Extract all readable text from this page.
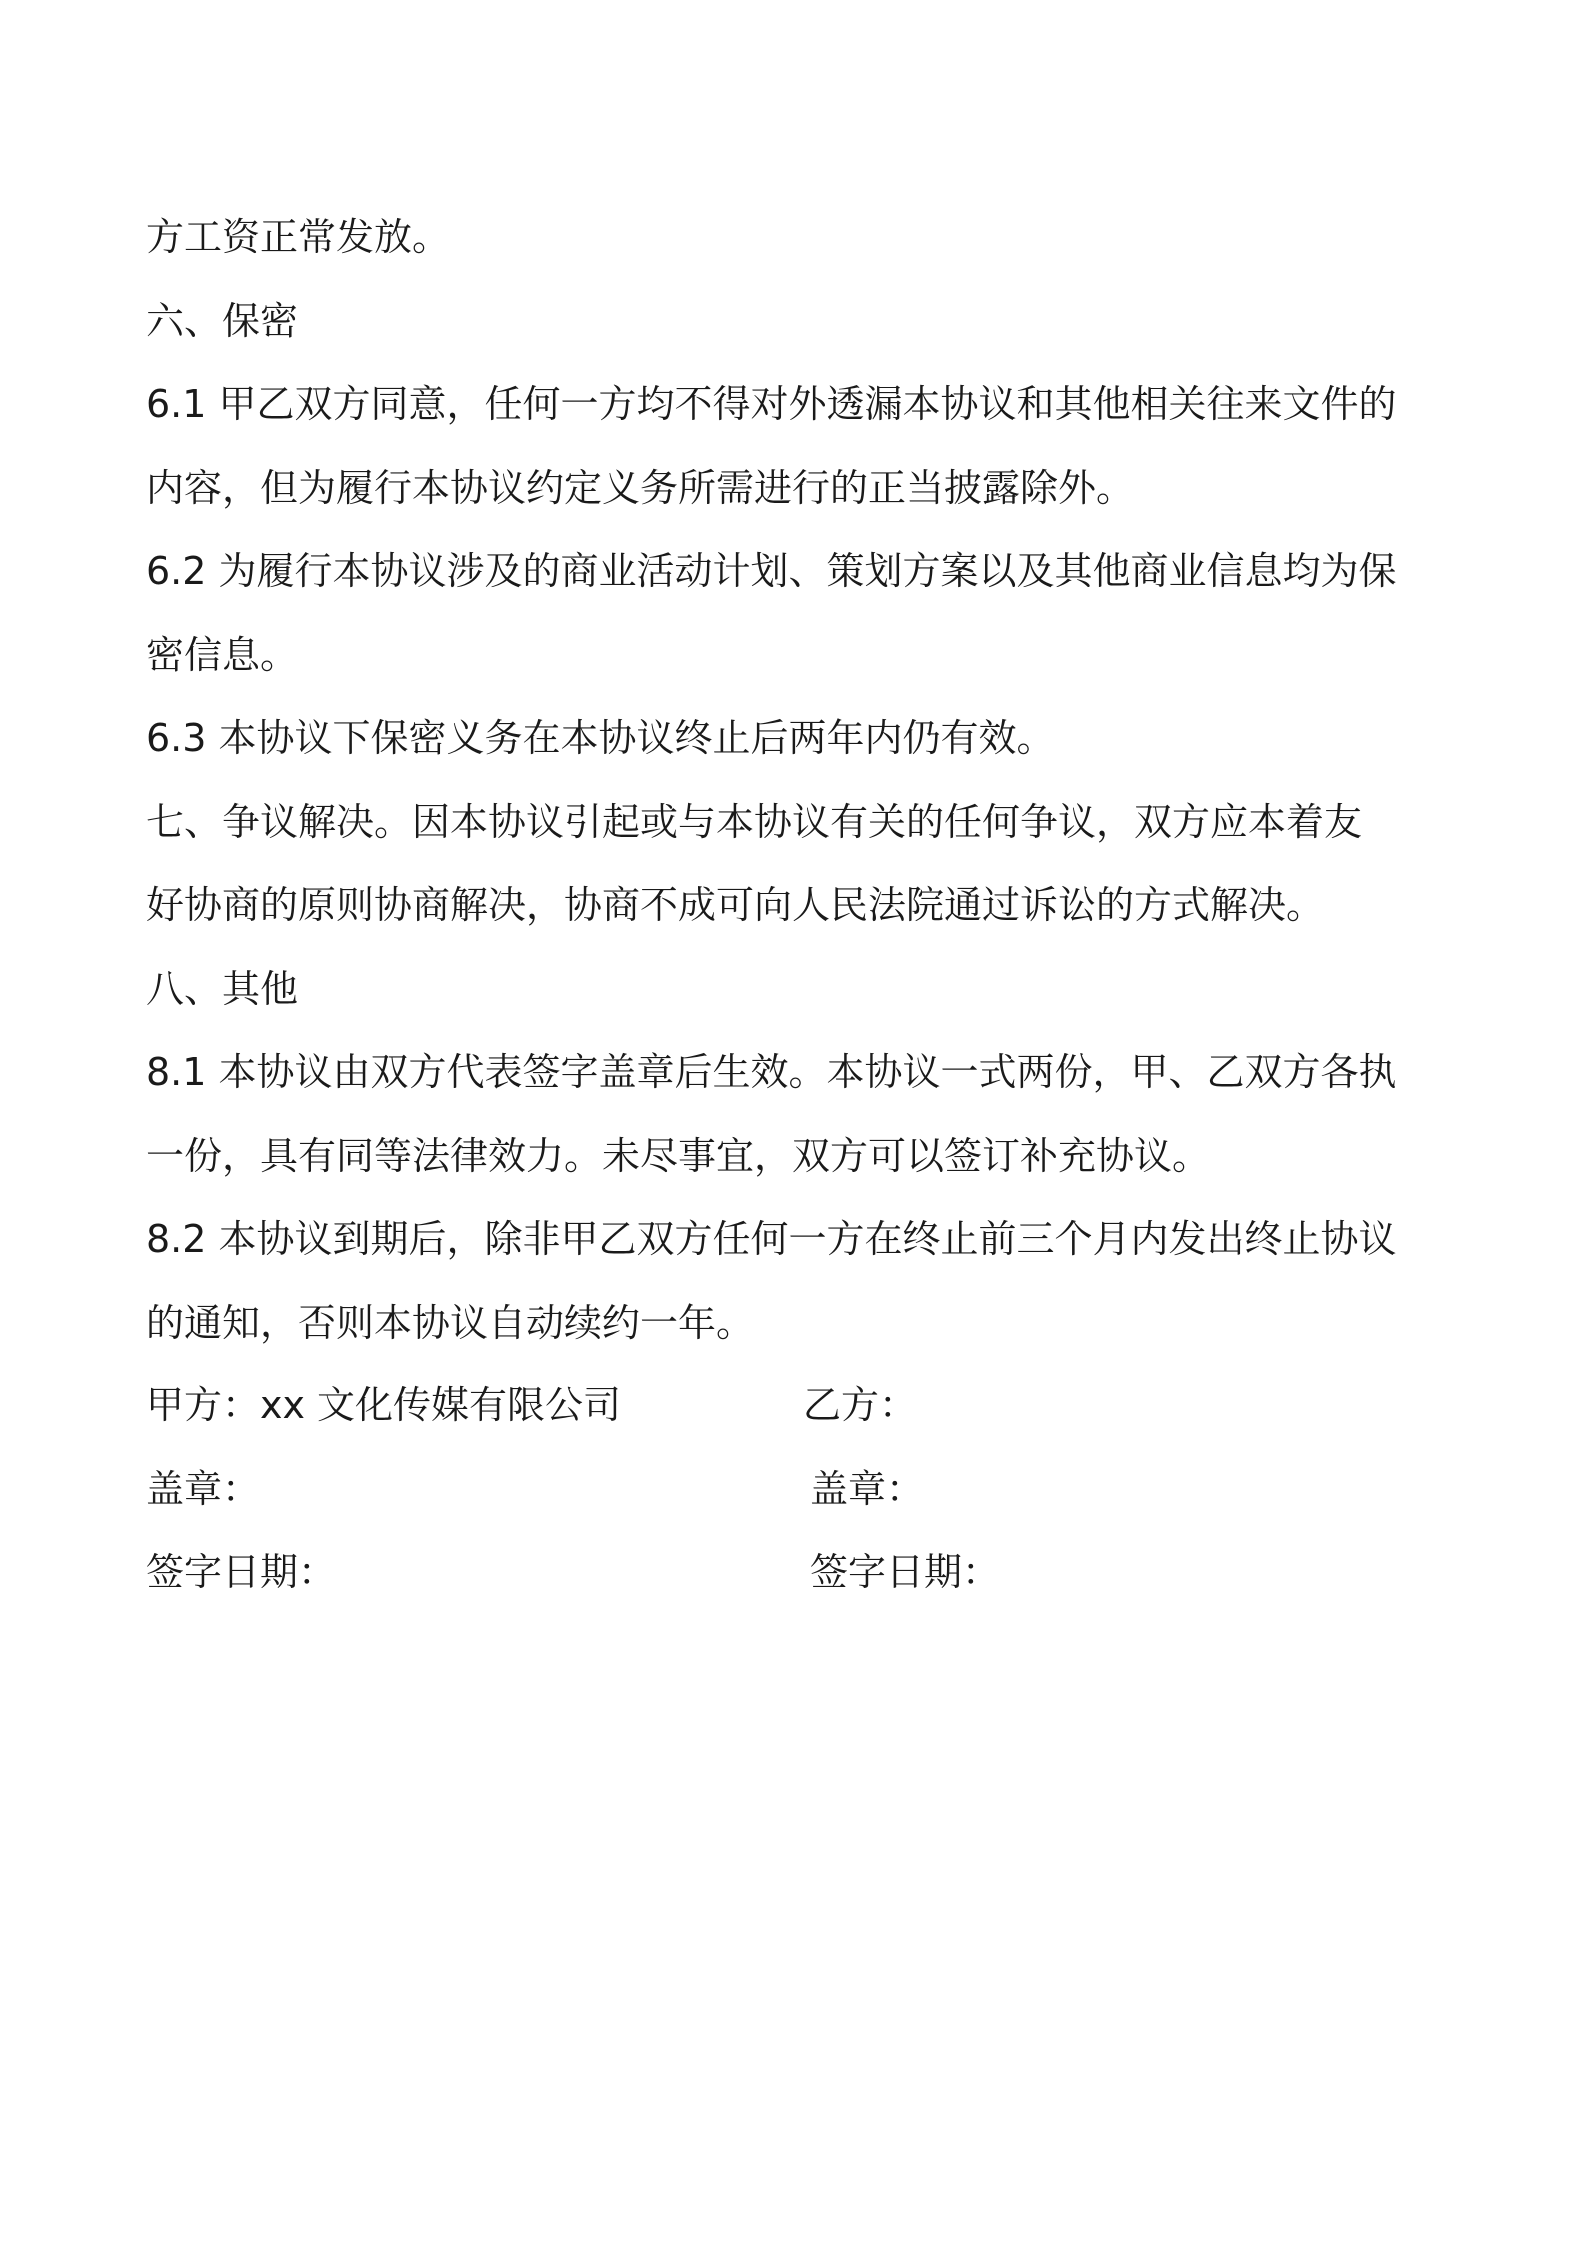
方工资正常发放。
六、保密
6.1 甲乙双方同意，任何一方均不得对外透漏本协议和其他相关往来文件的
内容，但为履行本协议约定义务所需进行的正当披露除外。
6.2 为履行本协议涉及的商业活动计划、策划方案以及其他商业信息均为保
密信息。
6.3 本协议下保密义务在本协议终止后两年内仍有效。
七、争议解决。因本协议引起或与本协议有关的任何争议，双方应本着友
好协商的原则协商解决，协商不成可向人民法院通过诉讼的方式解决。
八、其他
8.1 本协议由双方代表签字盖章后生效。本协议一式两份，甲、乙双方各执
一份，具有同等法律效力。未尽事宜，双方可以签订补充协议。
8.2 本协议到期后，除非甲乙双方任何一方在终止前三个月内发出终止协议
的通知，否则本协议自动续约一年。
甲方：xx 文化传媒有限公司	乙方：
盖章：	盖章：
签字日期：	签字日期：
